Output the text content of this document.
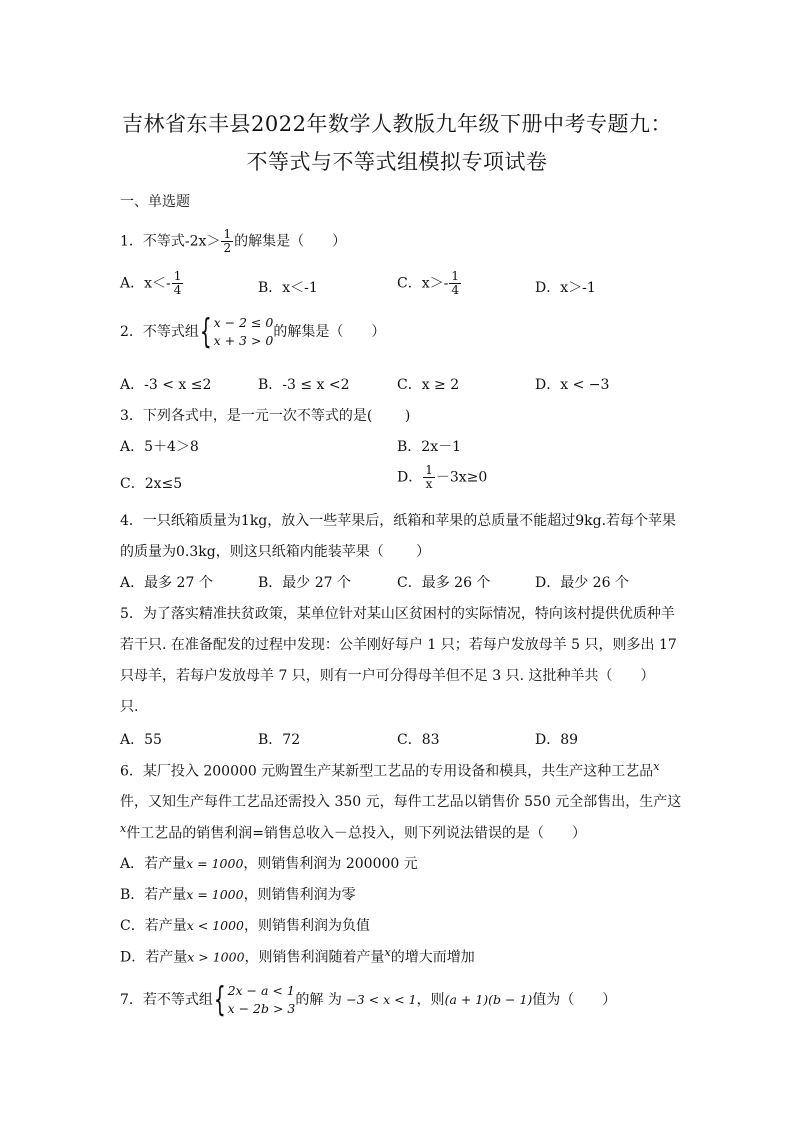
吉林省东丰县2022年数学人教版九年级下册中考专题九：
不等式与不等式组模拟专项试卷
一、单选题
1．不等式$-2x> \frac{1}{2}$ 的解集是（　　）
A．$x<- \frac{1}{4}$	B．x＜-1	C．$x>- \frac{1}{4}$	D．x＞-1
2．不等式组 { x − 2 ≤ 0
x + 3 > 0
的解集是（　　）
A．-3 < x ≤2	B．-3 ≤ x <2	C．x ≥ 2	D．x < −3
3．下列各式中，是一元一次不等式的是(　　 )
A．5＋4＞8	B．2x－1
C．2x≤5	D． $\frac{1}{x} -3x\ge 0$
4．一只纸箱质量为1kg，放入一些苹果后，纸箱和苹果的总质量不能超过9kg.若每个苹果
的质量为0.3kg，则这只纸箱内能装苹果（　　 ）
A．最多 27 个	B．最少 27 个	C．最多 26 个	D．最少 26 个
5．为了落实精准扶贫政策，某单位针对某山区贫困村的实际情况，特向该村提供优质种羊
若干只. 在准备配发的过程中发现：公羊刚好每户 1 只；若每户发放母羊 5 只，则多出 17
只母羊，若每户发放母羊 7 只，则有一户可分得母羊但不足 3 只. 这批种羊共（　　）
只.
A．55	B．72	C．83	D．89
6．某厂投入 200000 元购置生产某新型工艺品的专用设备和模具，共生产这种工艺品$^x$
件，又知生产每件工艺品还需投入 350 元，每件工艺品以销售价 550 元全部售出，生产这
$^x$件工艺品的销售利润=销售总收入－总投入，则下列说法错误的是（　　）
A．若产量x = 1000，则销售利润为 200000 元
B．若产量x = 1000，则销售利润为零
C．若产量x < 1000，则销售利润为负值
D．若产量x > 1000，则销售利润随着产量$^x$的增大而增加
7．若不等式组 { 2x − a < 1
x − 2b > 3
的解 为 −3 < x < 1，则(a + 1)(b − 1)值为（　　）
